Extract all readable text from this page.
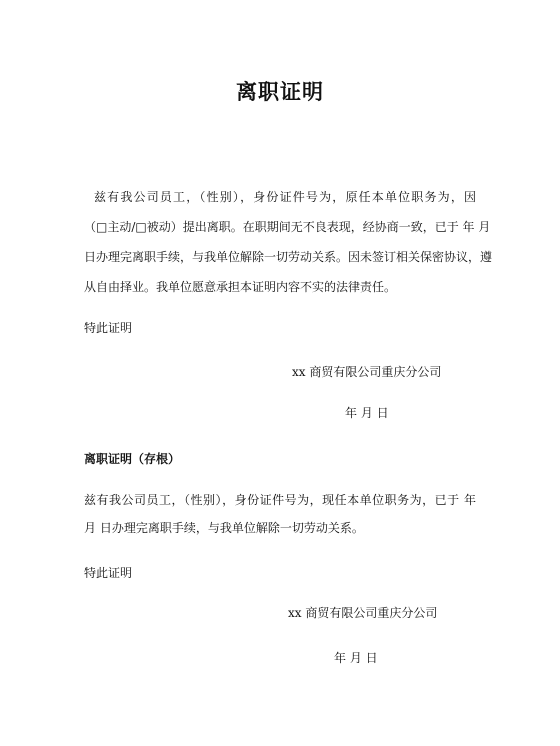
离职证明
兹有我公司员工，（性别），身份证件号为，原任本单位职务为，因
（□主动/□被动）提出离职。在职期间无不良表现，经协商一致，已于 年 月
日办理完离职手续，与我单位解除一切劳动关系。因未签订相关保密协议，遵
从自由择业。我单位愿意承担本证明内容不实的法律责任。
特此证明
xx 商贸有限公司重庆分公司
年 月 日
离职证明（存根）
兹有我公司员工，（性别），身份证件号为，现任本单位职务为，已于 年
月 日办理完离职手续，与我单位解除一切劳动关系。
特此证明
xx 商贸有限公司重庆分公司
年 月 日
